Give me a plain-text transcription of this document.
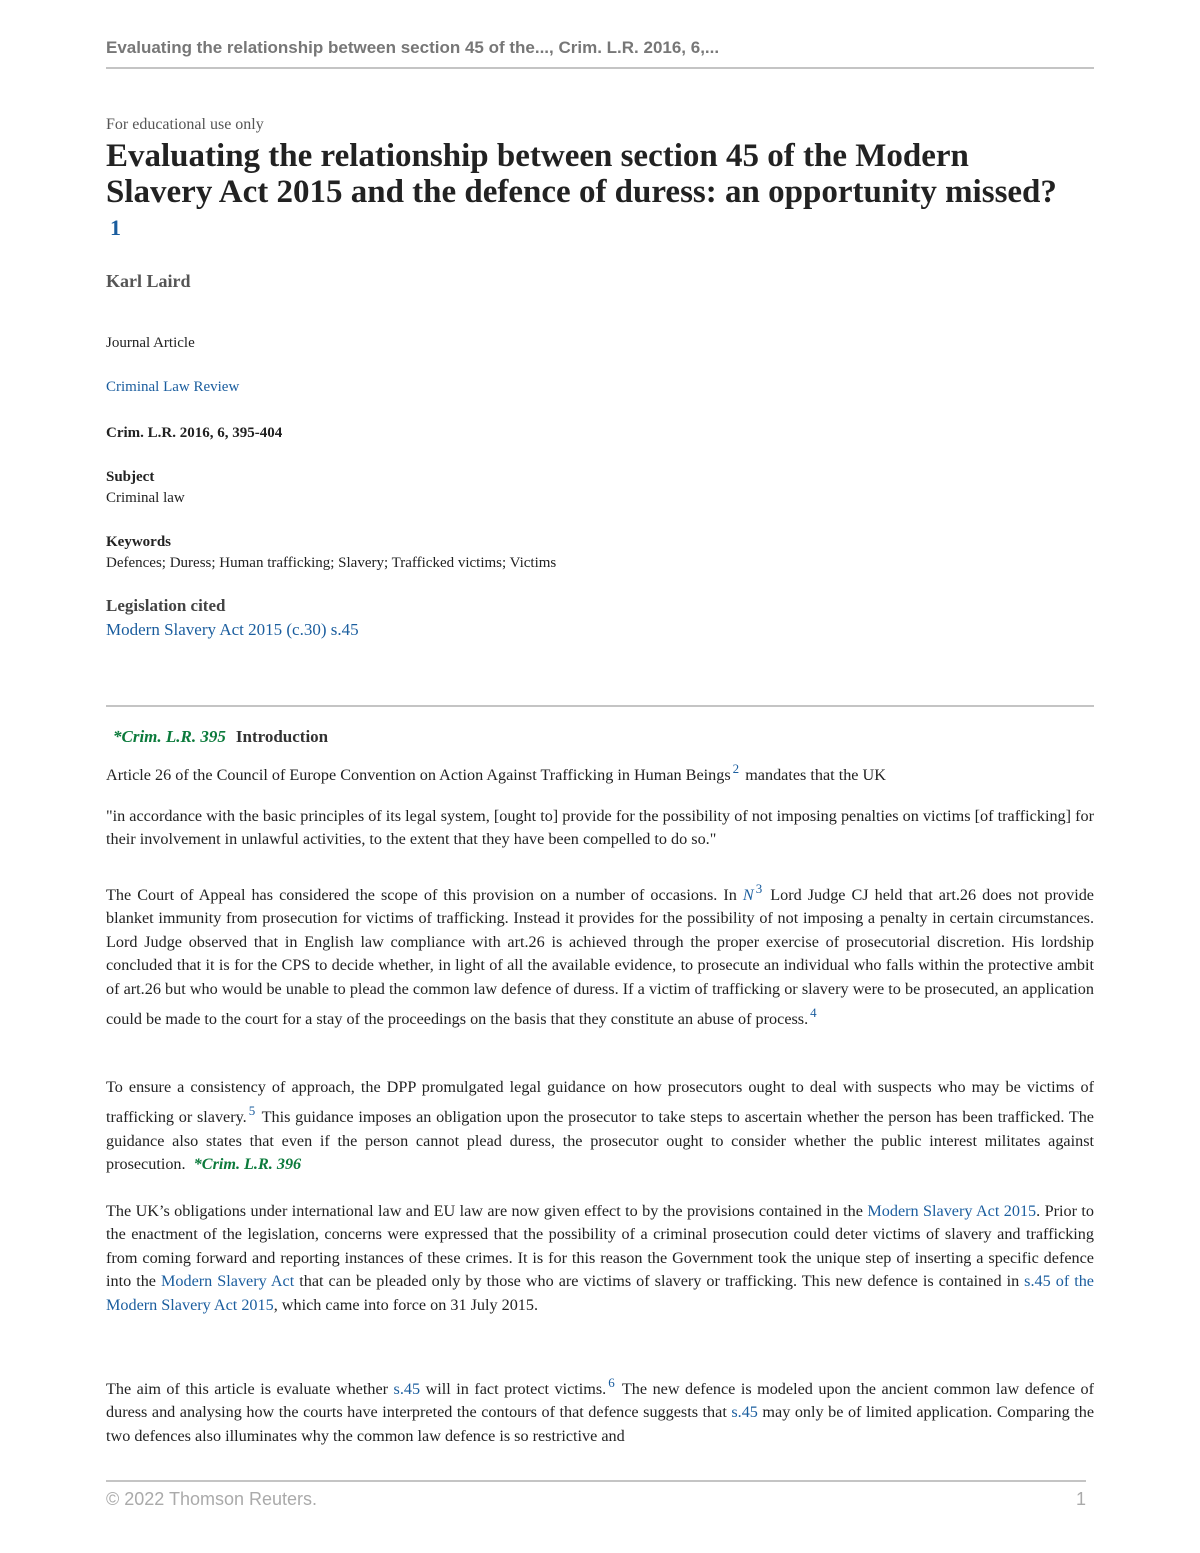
Evaluating the relationship between section 45 of the..., Crim. L.R. 2016, 6,...
For educational use only
Evaluating the relationship between section 45 of the Modern Slavery Act 2015 and the defence of duress: an opportunity missed?$^1$
Karl Laird
Journal Article
Criminal Law Review
Crim. L.R. 2016, 6, 395-404
Subject
Criminal law
Keywords
Defences; Duress; Human trafficking; Slavery; Trafficked victims; Victims
Legislation cited
Modern Slavery Act 2015 (c.30) s.45
*Crim. L.R. 395 Introduction

Article 26 of the Council of Europe Convention on Action Against Trafficking in Human Beings $^2$ mandates that the UK

"in accordance with the basic principles of its legal system, [ought to] provide for the possibility of not imposing penalties on victims [of trafficking] for their involvement in unlawful activities, to the extent that they have been compelled to do so."

The Court of Appeal has considered the scope of this provision on a number of occasions. In N $^3$ Lord Judge CJ held that art.26 does not provide blanket immunity from prosecution for victims of trafficking. Instead it provides for the possibility of not imposing a penalty in certain circumstances. Lord Judge observed that in English law compliance with art.26 is achieved through the proper exercise of prosecutorial discretion. His lordship concluded that it is for the CPS to decide whether, in light of all the available evidence, to prosecute an individual who falls within the protective ambit of art.26 but who would be unable to plead the common law defence of duress. If a victim of trafficking or slavery were to be prosecuted, an application could be made to the court for a stay of the proceedings on the basis that they constitute an abuse of process. $^4$

To ensure a consistency of approach, the DPP promulgated legal guidance on how prosecutors ought to deal with suspects who may be victims of trafficking or slavery. $^5$ This guidance imposes an obligation upon the prosecutor to take steps to ascertain whether the person has been trafficked. The guidance also states that even if the person cannot plead duress, the prosecutor ought to consider whether the public interest militates against prosecution. *Crim. L.R. 396

The UK’s obligations under international law and EU law are now given effect to by the provisions contained in the Modern Slavery Act 2015. Prior to the enactment of the legislation, concerns were expressed that the possibility of a criminal prosecution could deter victims of slavery and trafficking from coming forward and reporting instances of these crimes. It is for this reason the Government took the unique step of inserting a specific defence into the Modern Slavery Act that can be pleaded only by those who are victims of slavery or trafficking. This new defence is contained in s.45 of the Modern Slavery Act 2015, which came into force on 31 July 2015.

The aim of this article is evaluate whether s.45 will in fact protect victims. $^6$ The new defence is modeled upon the ancient common law defence of duress and analysing how the courts have interpreted the contours of that defence suggests that s.45 may only be of limited application. Comparing the two defences also illuminates why the common law defence is so restrictive and

© 2022 Thomson Reuters.	1
